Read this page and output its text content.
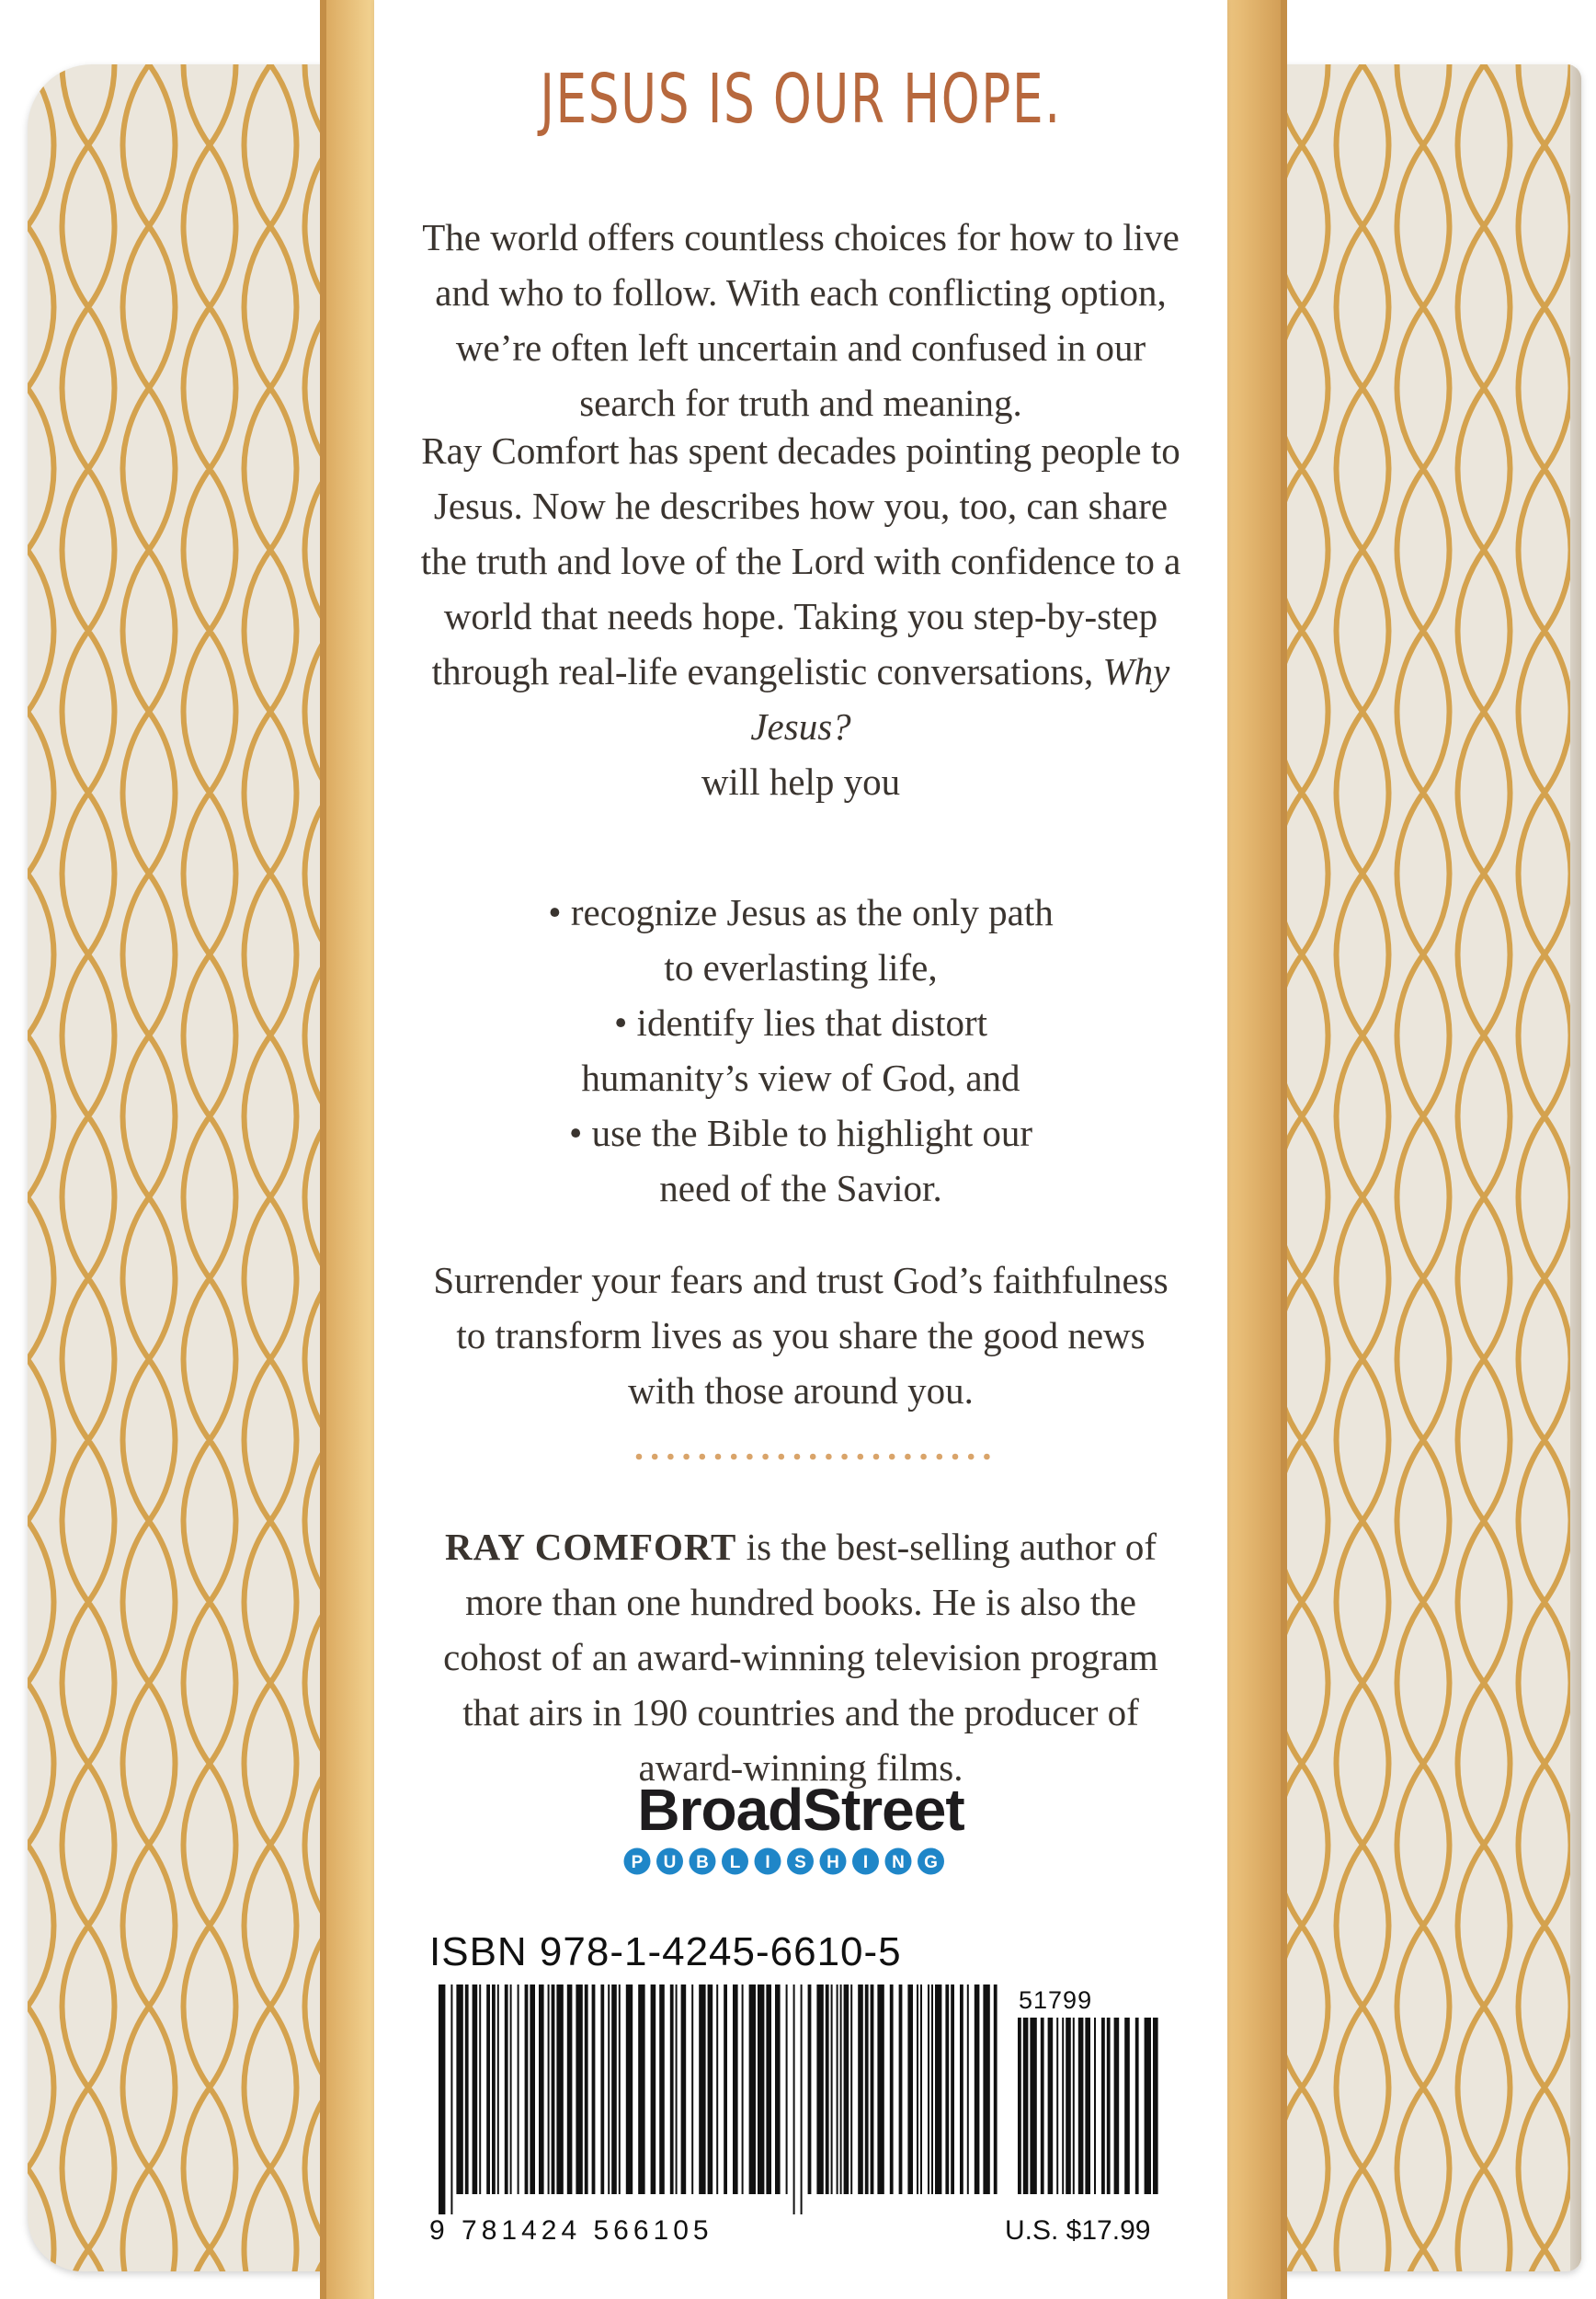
JESUS IS OUR HOPE.

The world offers countless choices for how to live and who to follow. With each conflicting option, we’re often left uncertain and confused in our search for truth and meaning.

Ray Comfort has spent decades pointing people to Jesus. Now he describes how you, too, can share the truth and love of the Lord with confidence to a world that needs hope. Taking you step-by-step through real-life evangelistic conversations, Why Jesus?
will help you

• recognize Jesus as the only path to everlasting life,

• identify lies that distort humanity’s view of God, and

• use the Bible to highlight our need of the Savior.

Surrender your fears and trust God’s faithfulness to transform lives as you share the good news with those around you.

RAY COMFORT is the best-selling author of more than one hundred books. He is also the cohost of an award-winning television program that airs in 190 countries and the producer of award-winning films.

BroadStreet
P U B L I S H I N G
ISBN 978-1-4245-6610-5
51799
9 781424 566105	U.S. $17.99
